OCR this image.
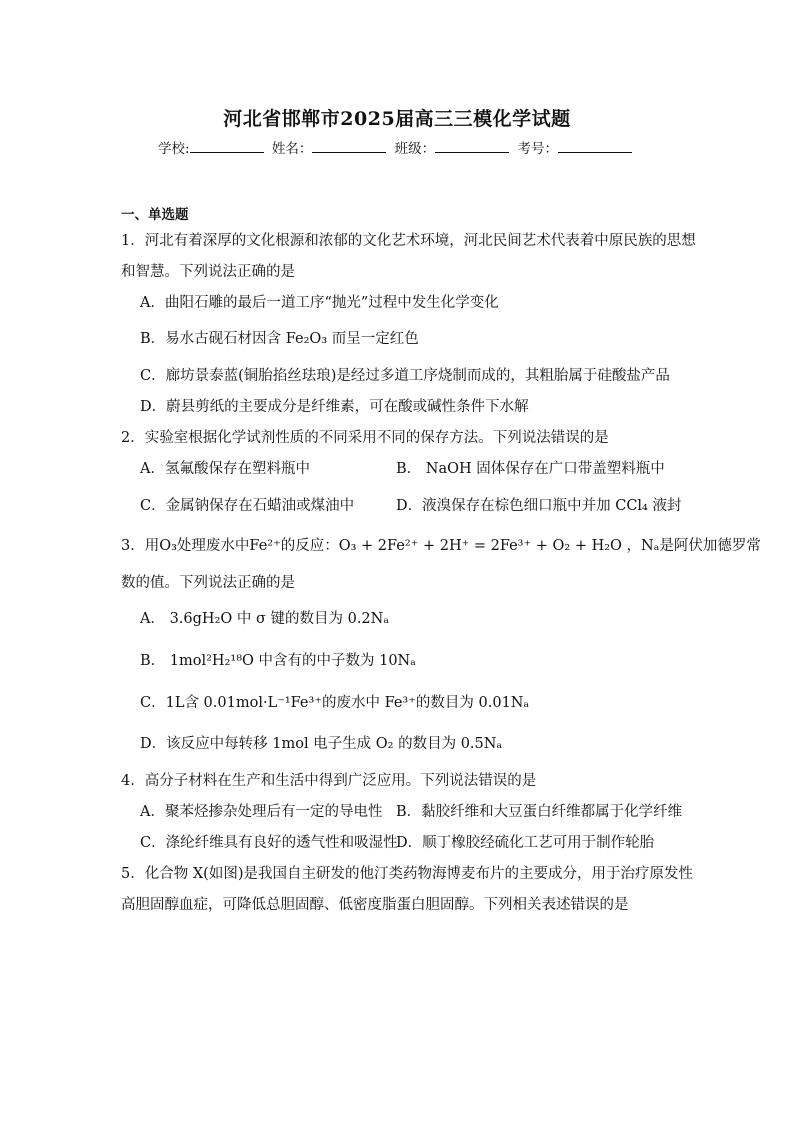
河北省邯郸市2025届高三三模化学试题
学校:	姓名：	班级：	考号：
一、单选题
1．河北有着深厚的文化根源和浓郁的文化艺术环境，河北民间艺术代表着中原民族的思想
和智慧。下列说法正确的是
A．曲阳石雕的最后一道工序“抛光”过程中发生化学变化
B．易水古砚石材因含 Fe₂O₃ 而呈一定红色
C．廊坊景泰蓝(铜胎掐丝珐琅)是经过多道工序烧制而成的，其粗胎属于硅酸盐产品
D．蔚县剪纸的主要成分是纤维素，可在酸或碱性条件下水解
2．实验室根据化学试剂性质的不同采用不同的保存方法。下列说法错误的是
A．氢氟酸保存在塑料瓶中	B． NaOH 固体保存在广口带盖塑料瓶中
C．金属钠保存在石蜡油或煤油中	D．液溴保存在棕色细口瓶中并加 CCl₄ 液封
3．用O₃处理废水中Fe²⁺的反应：O₃ + 2Fe²⁺ + 2H⁺ = 2Fe³⁺ + O₂ + H₂O ，Nₐ是阿伏加德罗常
数的值。下列说法正确的是
A． 3.6gH₂O 中 σ 键的数目为 0.2Nₐ
B． 1mol²H₂¹⁸O 中含有的中子数为 10Nₐ
C．1L含 0.01mol·L⁻¹Fe³⁺的废水中 Fe³⁺的数目为 0.01Nₐ
D．该反应中每转移 1mol 电子生成 O₂ 的数目为 0.5Nₐ
4．高分子材料在生产和生活中得到广泛应用。下列说法错误的是
A．聚苯烃掺杂处理后有一定的导电性 B．黏胶纤维和大豆蛋白纤维都属于化学纤维
C．涤纶纤维具有良好的透气性和吸湿性
D．顺丁橡胶经硫化工艺可用于制作轮胎
5．化合物 X(如图)是我国自主研发的他汀类药物海博麦布片的主要成分，用于治疗原发性
高胆固醇血症，可降低总胆固醇、低密度脂蛋白胆固醇。下列相关表述错误的是
